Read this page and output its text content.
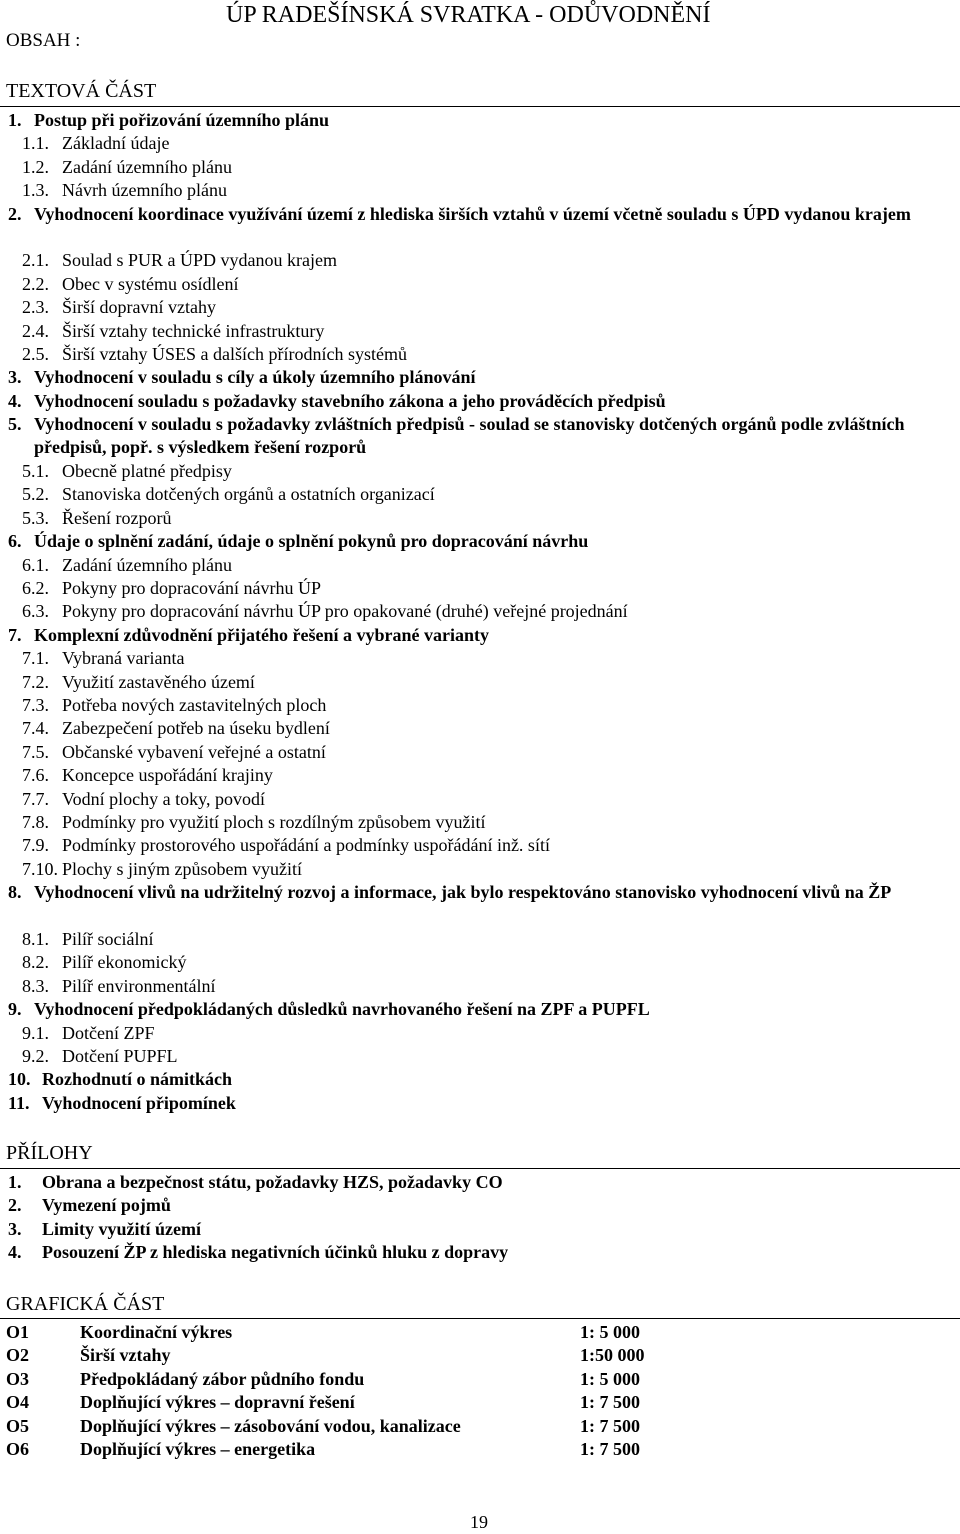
OBSAH :
ÚP RADEŠÍNSKÁ SVRATKA - ODŮVODNĚNÍ
TEXTOVÁ ČÁST
1. Postup při pořizování územního plánu
1.1. Základní údaje
1.2. Zadání územního plánu
1.3. Návrh územního plánu
2. Vyhodnocení koordinace využívání území z hlediska širších vztahů v území včetně souladu s ÚPD vydanou krajem
2.1. Soulad s PUR a ÚPD vydanou krajem
2.2. Obec v systému osídlení
2.3. Širší dopravní vztahy
2.4. Širší vztahy technické infrastruktury
2.5. Širší vztahy ÚSES a dalších přírodních systémů
3. Vyhodnocení v souladu s cíly a úkoly územního plánování
4. Vyhodnocení souladu s požadavky stavebního zákona a jeho prováděcích předpisů
5. Vyhodnocení v souladu s požadavky zvláštních předpisů - soulad se stanovisky dotčených orgánů podle zvláštních předpisů, popř. s výsledkem řešení rozporů
5.1. Obecně platné předpisy
5.2. Stanoviska dotčených orgánů a ostatních organizací
5.3. Řešení rozporů
6. Údaje o splnění zadání, údaje o splnění pokynů pro dopracování návrhu
6.1. Zadání územního plánu
6.2. Pokyny pro dopracování návrhu ÚP
6.3. Pokyny pro dopracování návrhu ÚP pro opakované (druhé) veřejné projednání
7. Komplexní zdůvodnění přijatého řešení a vybrané varianty
7.1. Vybraná varianta
7.2. Využití zastavěného území
7.3. Potřeba nových zastavitelných ploch
7.4. Zabezpečení potřeb na úseku bydlení
7.5. Občanské vybavení veřejné a ostatní
7.6. Koncepce uspořádání krajiny
7.7. Vodní plochy a toky, povodí
7.8. Podmínky pro využití ploch s rozdílným způsobem využití
7.9. Podmínky prostorového uspořádání a podmínky uspořádání inž. sítí
7.10. Plochy s jiným způsobem využití
8. Vyhodnocení vlivů na udržitelný rozvoj a informace, jak bylo respektováno stanovisko vyhodnocení vlivů na ŽP
8.1. Pilíř sociální
8.2. Pilíř ekonomický
8.3. Pilíř environmentální
9. Vyhodnocení předpokládaných důsledků navrhovaného řešení na ZPF a PUPFL
9.1. Dotčení ZPF
9.2. Dotčení PUPFL
10. Rozhodnutí o námitkách
11. Vyhodnocení připomínek
PŘÍLOHY
1. Obrana a bezpečnost státu, požadavky HZS, požadavky CO
2. Vymezení pojmů
3. Limity využití území
4. Posouzení ŽP z hlediska negativních účinků hluku z dopravy
GRAFICKÁ ČÁST
O1	Koordinační výkres	1: 5 000
O2	Širší vztahy	1:50 000
O3	Předpokládaný zábor půdního fondu	1: 5 000
O4	Doplňující výkres – dopravní řešení	1: 7 500
O5	Doplňující výkres – zásobování vodou, kanalizace	1: 7 500
O6	Doplňující výkres – energetika	1: 7 500
19
